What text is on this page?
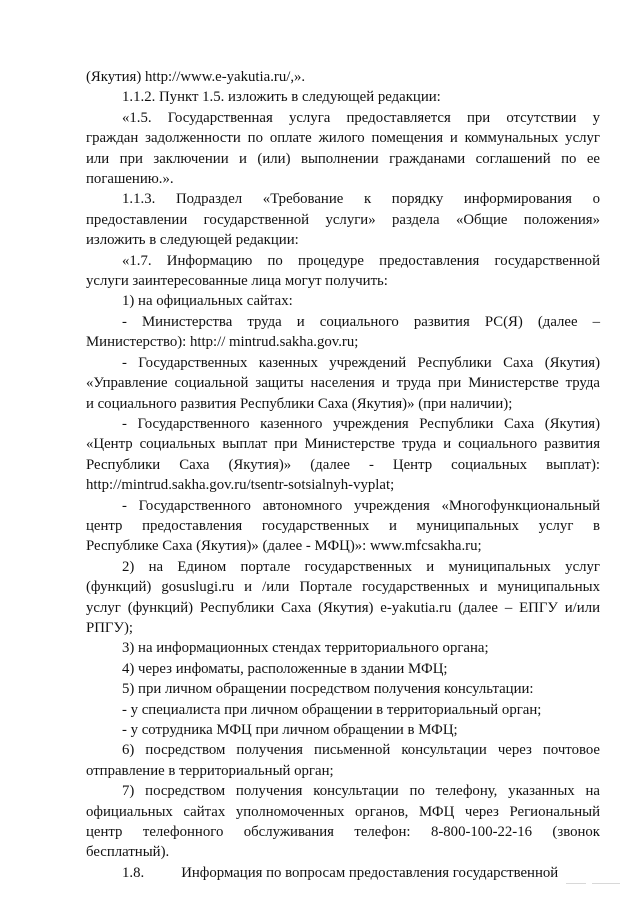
(Якутия) http://www.e-yakutia.ru/,».
1.1.2. Пункт 1.5. изложить в следующей редакции:
«1.5. Государственная услуга предоставляется при отсутствии у
граждан задолженности по оплате жилого помещения и коммунальных услуг
или при заключении и (или) выполнении гражданами соглашений по ее
погашению.».
1.1.3. Подраздел «Требование к порядку информирования о
предоставлении государственной услуги» раздела «Общие положения»
изложить в следующей редакции:
«1.7. Информацию по процедуре предоставления государственной
услуги заинтересованные лица могут получить:
1) на официальных сайтах:
- Министерства труда и социального развития РС(Я) (далее –
Министерство): http:// mintrud.sakha.gov.ru;
- Государственных казенных учреждений Республики Саха (Якутия)
«Управление социальной защиты населения и труда при Министерстве труда
и социального развития Республики Саха (Якутия)» (при наличии);
- Государственного казенного учреждения Республики Саха (Якутия)
«Центр социальных выплат при Министерстве труда и социального развития
Республики Саха (Якутия)» (далее - Центр социальных выплат):
http://mintrud.sakha.gov.ru/tsentr-sotsialnyh-vyplat;
- Государственного автономного учреждения «Многофункциональный
центр предоставления государственных и муниципальных услуг в
Республике Саха (Якутия)» (далее - МФЦ)»: www.mfcsakha.ru;
2) на Едином портале государственных и муниципальных услуг
(функций) gosuslugi.ru и /или Портале государственных и муниципальных
услуг (функций) Республики Саха (Якутия) e-yakutia.ru (далее – ЕПГУ и/или
РПГУ);
3) на информационных стендах территориального органа;
4) через инфоматы, расположенные в здании МФЦ;
5) при личном обращении посредством получения консультации:
- у специалиста при личном обращении в территориальный орган;
- у сотрудника МФЦ при личном обращении в МФЦ;
6) посредством получения письменной консультации через почтовое
отправление в территориальный орган;
7) посредством получения консультации по телефону, указанных на
официальных сайтах уполномоченных органов, МФЦ через Региональный
центр телефонного обслуживания телефон: 8-800-100-22-16 (звонок
бесплатный).
1.8.          Информация по вопросам предоставления государственной
